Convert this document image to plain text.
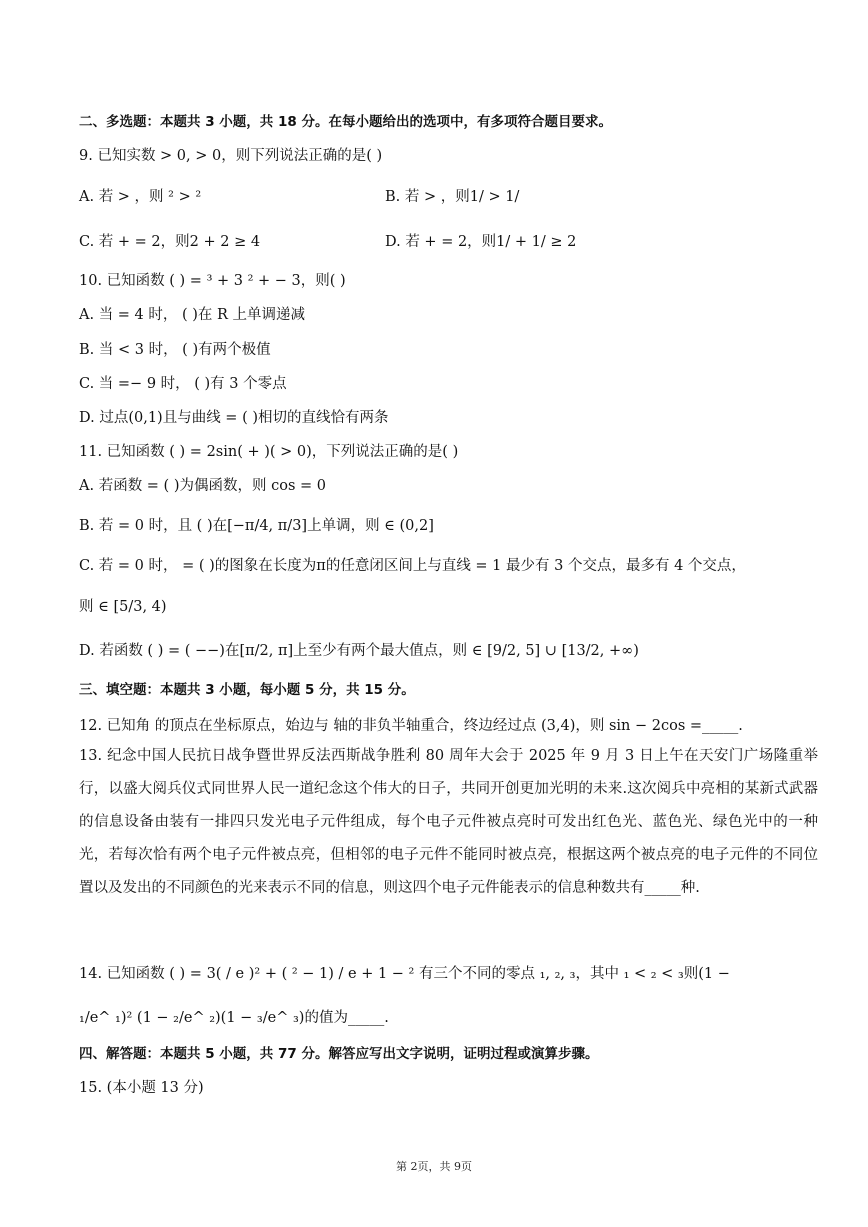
二、多选题：本题共 3 小题，共 18 分。在每小题给出的选项中，有多项符合题目要求。
9. 已知实数 > 0, > 0，则下列说法正确的是( )
A. 若 > ，则 ² > ²	B. 若 > ，则1/ > 1/
C. 若 + = 2，则2 + 2 ≥ 4	D. 若 + = 2，则1/ + 1/ ≥ 2
10. 已知函数 ( ) = ³ + 3 ² + − 3，则( )
A. 当 = 4 时， ( )在 R 上单调递减
B. 当 < 3 时， ( )有两个极值
C. 当 =− 9 时， ( )有 3 个零点
D. 过点(0,1)且与曲线 = ( )相切的直线恰有两条
11. 已知函数 ( ) = 2sin( + )( > 0)，下列说法正确的是( )
A. 若函数 = ( )为偶函数，则 cos = 0
B. 若 = 0 时，且 ( )在[−π/4, π/3]上单调，则 ∈ (0,2]
C. 若 = 0 时， = ( )的图象在长度为π的任意闭区间上与直线 = 1 最少有 3 个交点，最多有 4 个交点，
则 ∈ [5/3, 4)
D. 若函数 ( ) = ( −−)在[π/2, π]上至少有两个最大值点，则 ∈ [9/2, 5] ∪ [13/2, +∞)
三、填空题：本题共 3 小题，每小题 5 分，共 15 分。
12. 已知角 的顶点在坐标原点，始边与 轴的非负半轴重合，终边经过点 (3,4)，则 sin − 2cos =_____.
13. 纪念中国人民抗日战争暨世界反法西斯战争胜利 80 周年大会于 2025 年 9 月 3 日上午在天安门广场隆重举行，以盛大阅兵仪式同世界人民一道纪念这个伟大的日子，共同开创更加光明的未来.这次阅兵中亮相的某新式武器的信息设备由装有一排四只发光电子元件组成，每个电子元件被点亮时可发出红色光、蓝色光、绿色光中的一种光，若每次恰有两个电子元件被点亮，但相邻的电子元件不能同时被点亮，根据这两个被点亮的电子元件的不同位置以及发出的不同颜色的光来表示不同的信息，则这四个电子元件能表示的信息种数共有_____种.
14. 已知函数 ( ) = 3( / e )² + ( ² − 1) / e + 1 − ² 有三个不同的零点 ₁, ₂, ₃，其中 ₁ < ₂ < ₃则(1 −
₁/e^ ₁)² (1 − ₂/e^ ₂)(1 − ₃/e^ ₃)的值为_____.
四、解答题：本题共 5 小题，共 77 分。解答应写出文字说明，证明过程或演算步骤。
15. (本小题 13 分)
第 2页，共 9页
